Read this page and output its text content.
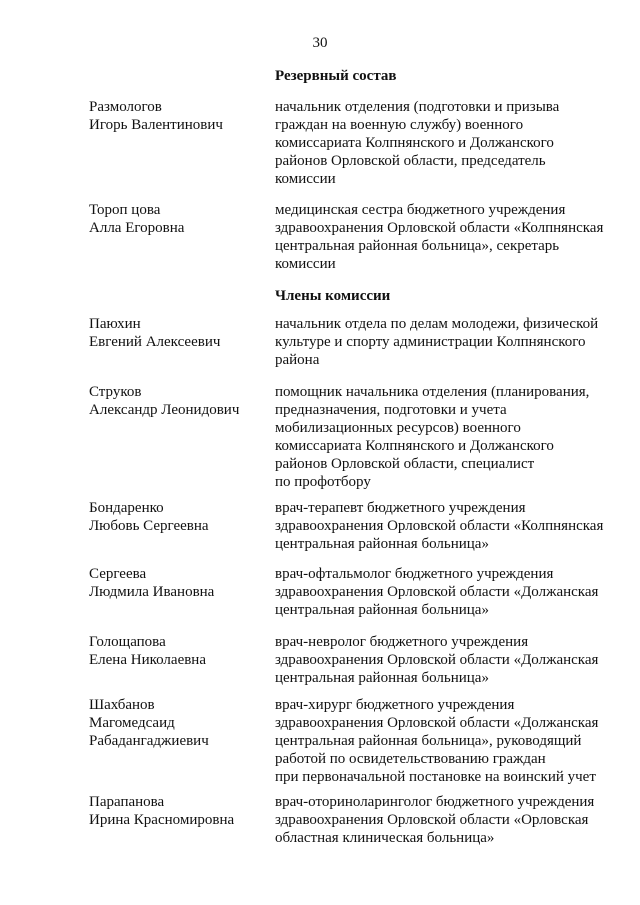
30
Резервный состав
Размологов
Игорь Валентинович
начальник отделения (подготовки и призыва
граждан на военную службу) военного
комиссариата Колпнянского и Должанского
районов Орловской области, председатель
комиссии
Тороп цова
Алла Егоровна
медицинская сестра бюджетного учреждения
здравоохранения Орловской области «Колпнянская
центральная районная больница», секретарь
комиссии
Члены комиссии
Паюхин
Евгений Алексеевич
начальник отдела по делам молодежи, физической
культуре и спорту администрации Колпнянского
района
Струков
Александр Леонидович
помощник начальника отделения (планирования,
предназначения, подготовки и учета
мобилизационных ресурсов) военного
комиссариата Колпнянского и Должанского
районов Орловской области, специалист
по профотбору
Бондаренко
Любовь Сергеевна
врач-терапевт бюджетного учреждения
здравоохранения Орловской области «Колпнянская
центральная районная больница»
Сергеева
Людмила Ивановна
врач-офтальмолог бюджетного учреждения
здравоохранения Орловской области «Должанская
центральная районная больница»
Голощапова
Елена Николаевна
врач-невролог бюджетного учреждения
здравоохранения Орловской области «Должанская
центральная районная больница»
Шахбанов
Магомедсаид
Рабадангаджиевич
врач-хирург бюджетного учреждения
здравоохранения Орловской области «Должанская
центральная районная больница», руководящий
работой по освидетельствованию граждан
при первоначальной постановке на воинский учет
Парапанова
Ирина Красномировна
врач-оториноларинголог бюджетного учреждения
здравоохранения Орловской области «Орловская
областная клиническая больница»
